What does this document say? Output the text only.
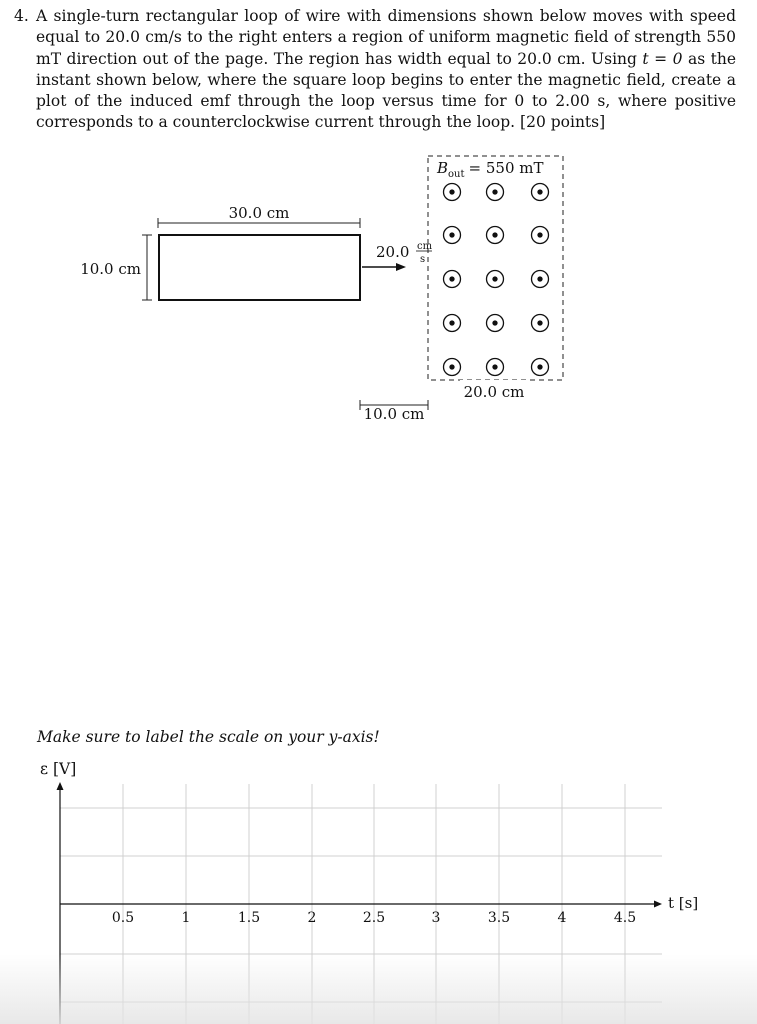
4. A single-turn rectangular loop of wire with dimensions shown below moves with speed equal to 20.0 cm/s to the right enters a region of uniform magnetic field of strength 550 mT direction out of the page. The region has width equal to 20.0 cm. Using t = 0 as the instant shown below, where the square loop begins to enter the magnetic field, create a plot of the induced emf through the loop versus time for 0 to 2.00 s, where positive corresponds to a counterclockwise current through the loop. [20 points]
30.0 cm
10.0 cm
20.0 cm
s
$B_{out} = 550$ mT
20.0 cm
10.0 cm
Make sure to label the scale on your y-axis!
ε [V]
0.5	1	1.5	2	2.5	3	3.5	4	4.5
t [s]
